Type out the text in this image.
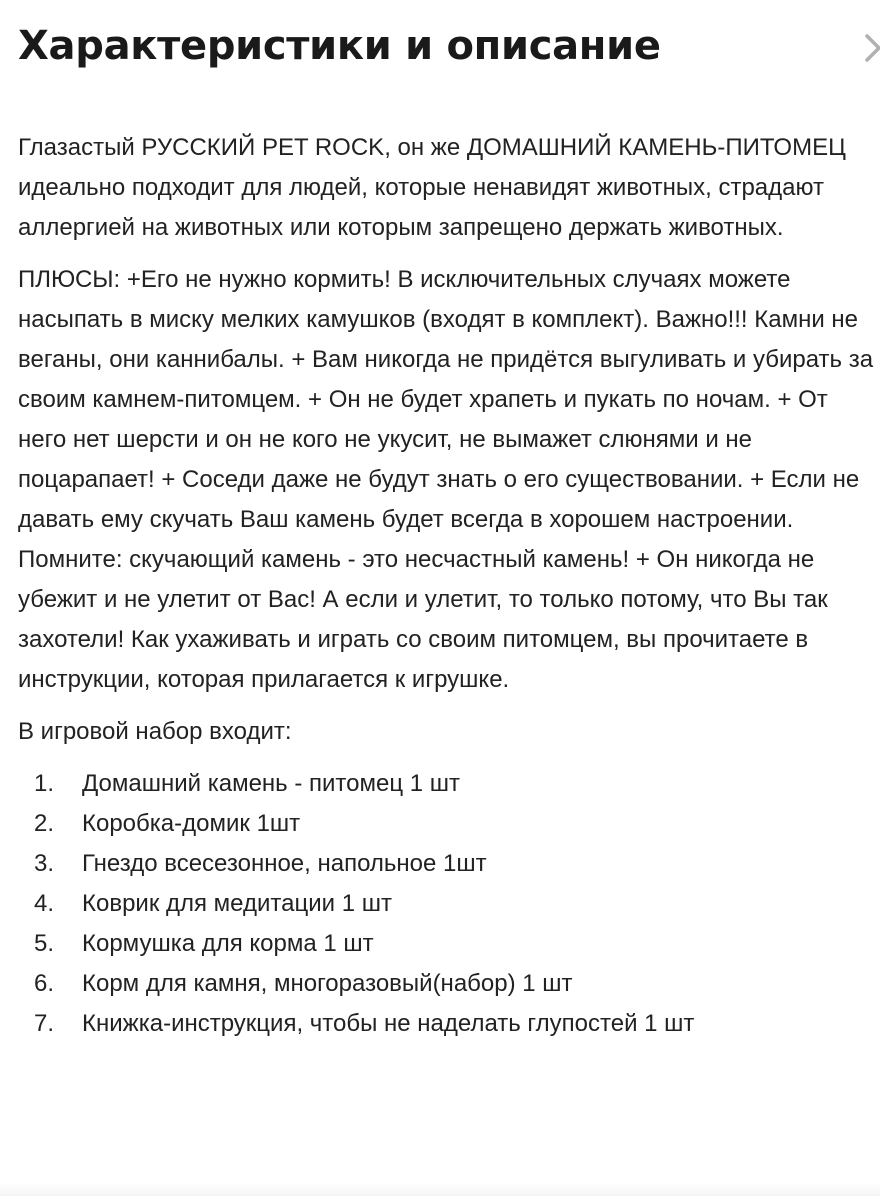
Характеристики и описание

Глазастый РУССКИЙ PET ROCK, он же ДОМАШНИЙ КАМЕНЬ-ПИТОМЕЦ идеально подходит для людей, которые ненавидят животных, страдают аллергией на животных или которым запрещено держать животных.

ПЛЮСЫ: +Его не нужно кормить! В исключительных случаях можете насыпать в миску мелких камушков (входят в комплект). Важно!!! Камни не веганы, они каннибалы. + Вам никогда не придётся выгуливать и убирать за своим камнем-питомцем. + Он не будет храпеть и пукать по ночам. + От него нет шерсти и он не кого не укусит, не вымажет слюнями и не поцарапает! + Соседи даже не будут знать о его существовании. + Если не давать ему скучать Ваш камень будет всегда в хорошем настроении. Помните: скучающий камень - это несчастный камень! + Он никогда не убежит и не улетит от Вас! А если и улетит, то только потому, что Вы так захотели! Как ухаживать и играть со своим питомцем, вы прочитаете в инструкции, которая прилагается к игрушке.

В игровой набор входит:

1. Домашний камень - питомец 1 шт
2. Коробка-домик 1шт
3. Гнездо всесезонное, напольное 1шт
4. Коврик для медитации 1 шт
5. Кормушка для корма 1 шт
6. Корм для камня, многоразовый(набор) 1 шт
7. Книжка-инструкция, чтобы не наделать глупостей 1 шт
